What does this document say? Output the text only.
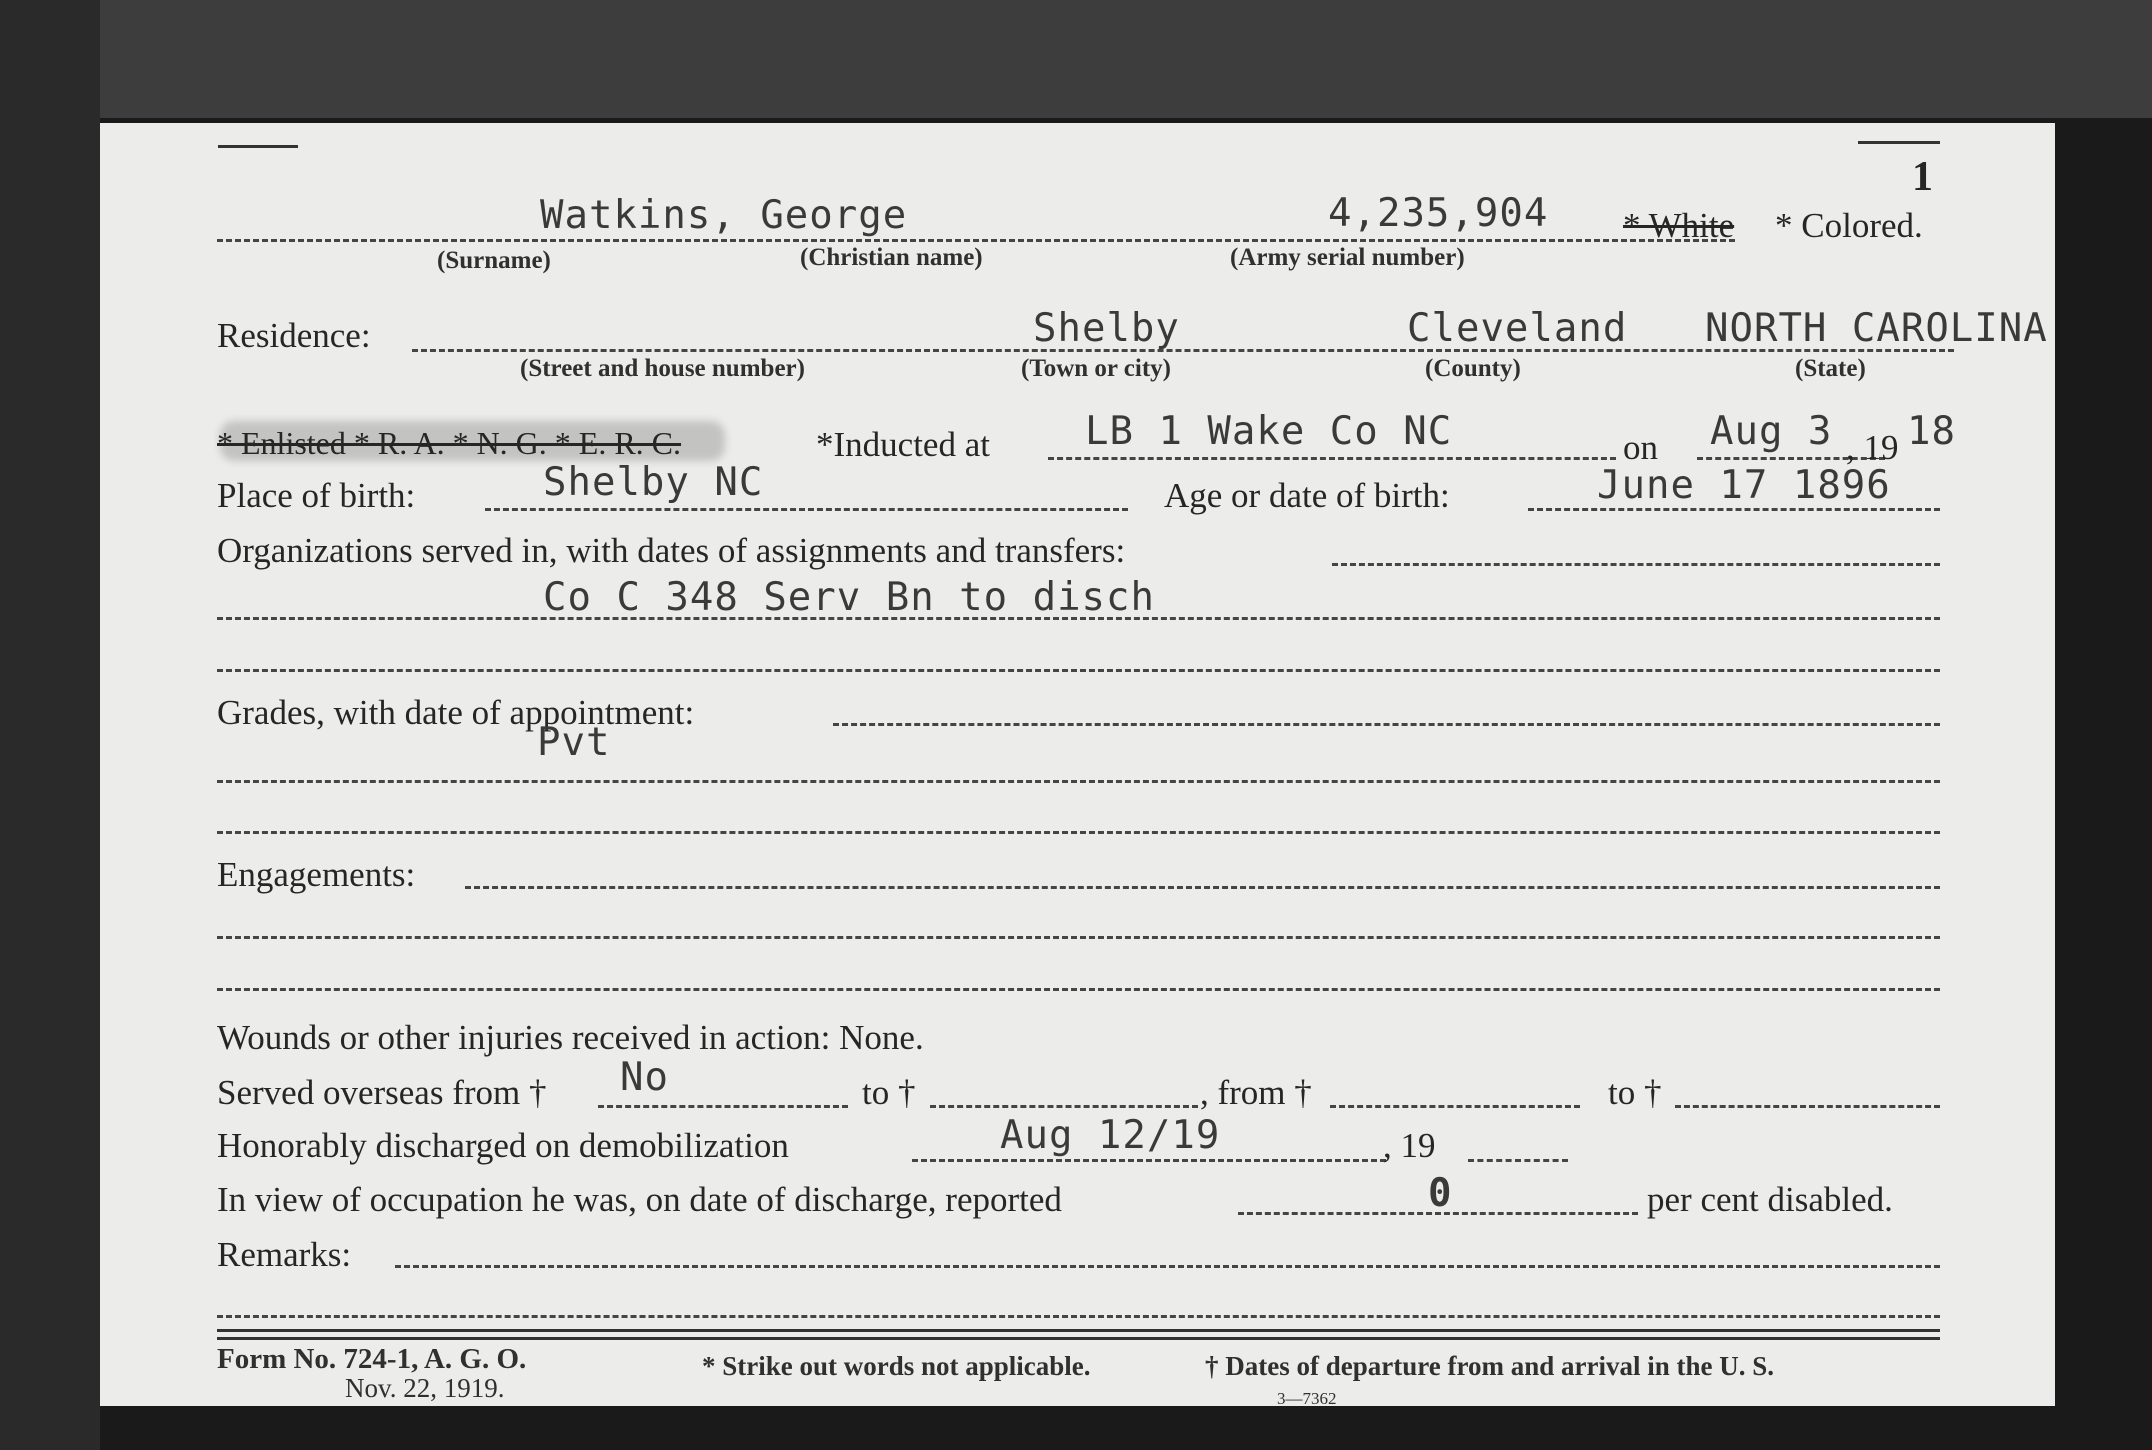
1
Watkins, George	4,235,904 * White * Colored.
(Surname)	(Christian name)	(Army serial number)
Residence:	Shelby	Cleveland NORTH CAROLINA
(Street and house number)	(Town or city)	(County)	(State)
* Enlisted * R. A. * N. G. * E. R. C.	*Inducted at LB 1 Wake Co NC	on Aug 3 , 19 18
Place of birth:	Shelby NC	Age or date of birth:	June 17 1896
Organizations served in, with dates of assignments and transfers:
Co C 348 Serv Bn to disch
Grades, with date of appointment:
Pvt
Engagements:
Wounds or other injuries received in action: None.
Served overseas from † No	to †	, from †	to †
Honorably discharged on demobilization	Aug 12/19	, 19
In view of occupation he was, on date of discharge, reported	0	per cent disabled.
Remarks:
Form No. 724-1, A. G. O.
Nov. 22, 1919.
* Strike out words not applicable.	† Dates of departure from and arrival in the U. S.
3—7362
